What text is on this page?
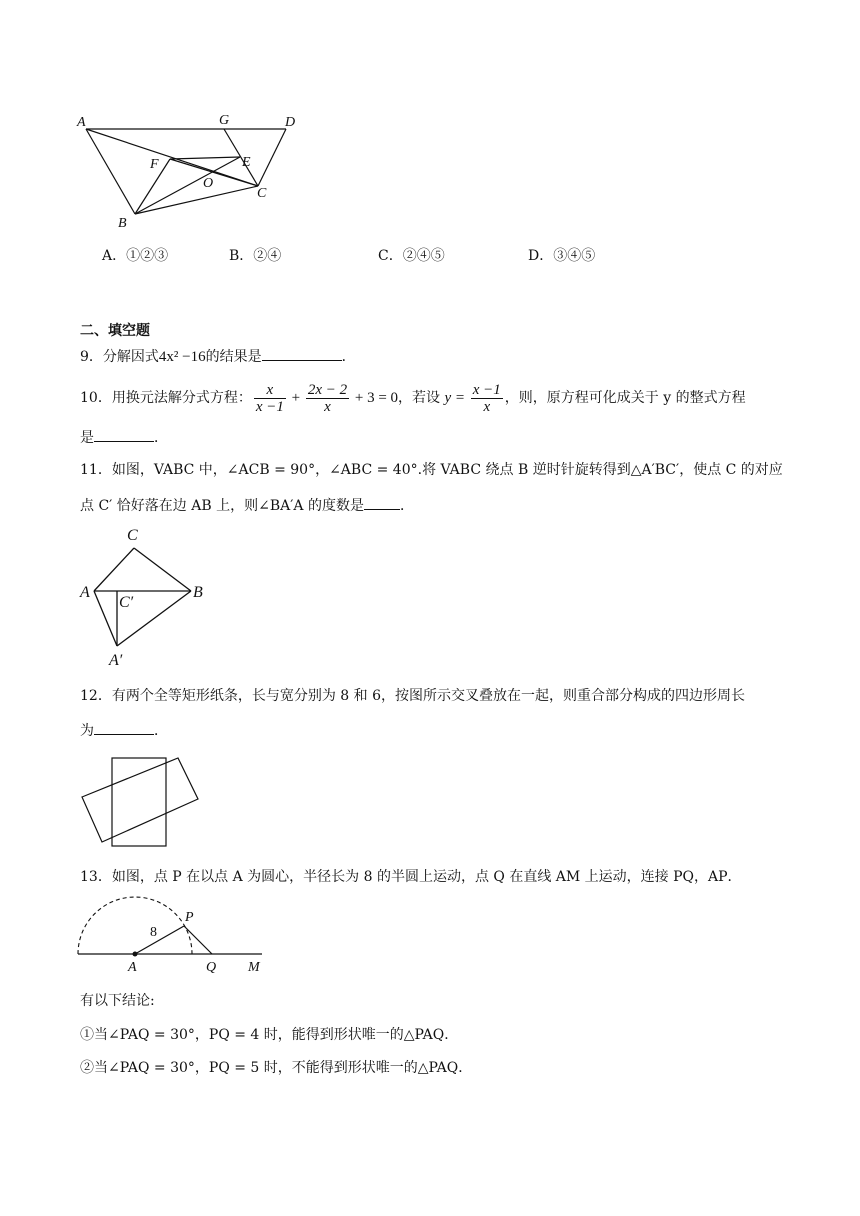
A	G	D
F	E
O
C
B
A．①②③	B．②④	C．②④⑤	D．③④⑤
二、填空题
9．分解因式4x² −16的结果是	．
10．用换元法解分式方程： $\frac{x}{x -1} + \frac{2x - 2}{x} + 3 = 0$，若设 $y = \frac{x -1}{x}$ ，则，原方程可化成关于 y 的整式方程
是	．
11．如图，VABC 中，∠ACB = 90°，∠ABC = 40°.将 VABC 绕点 B 逆时针旋转得到△A′BC′，使点 C 的对应
点 C′ 恰好落在边 AB 上，则∠BA′A 的度数是	．
C
A	B
C′
A′
12．有两个全等矩形纸条，长与宽分别为 8 和 6，按图所示交叉叠放在一起，则重合部分构成的四边形周长
为	．
13．如图，点 P 在以点 A 为圆心，半径长为 8 的半圆上运动，点 Q 在直线 AM 上运动，连接 PQ，AP．
P
8
A	Q M
有以下结论:
①当∠PAQ = 30°，PQ = 4 时，能得到形状唯一的△PAQ．
②当∠PAQ = 30°，PQ = 5 时，不能得到形状唯一的△PAQ．
